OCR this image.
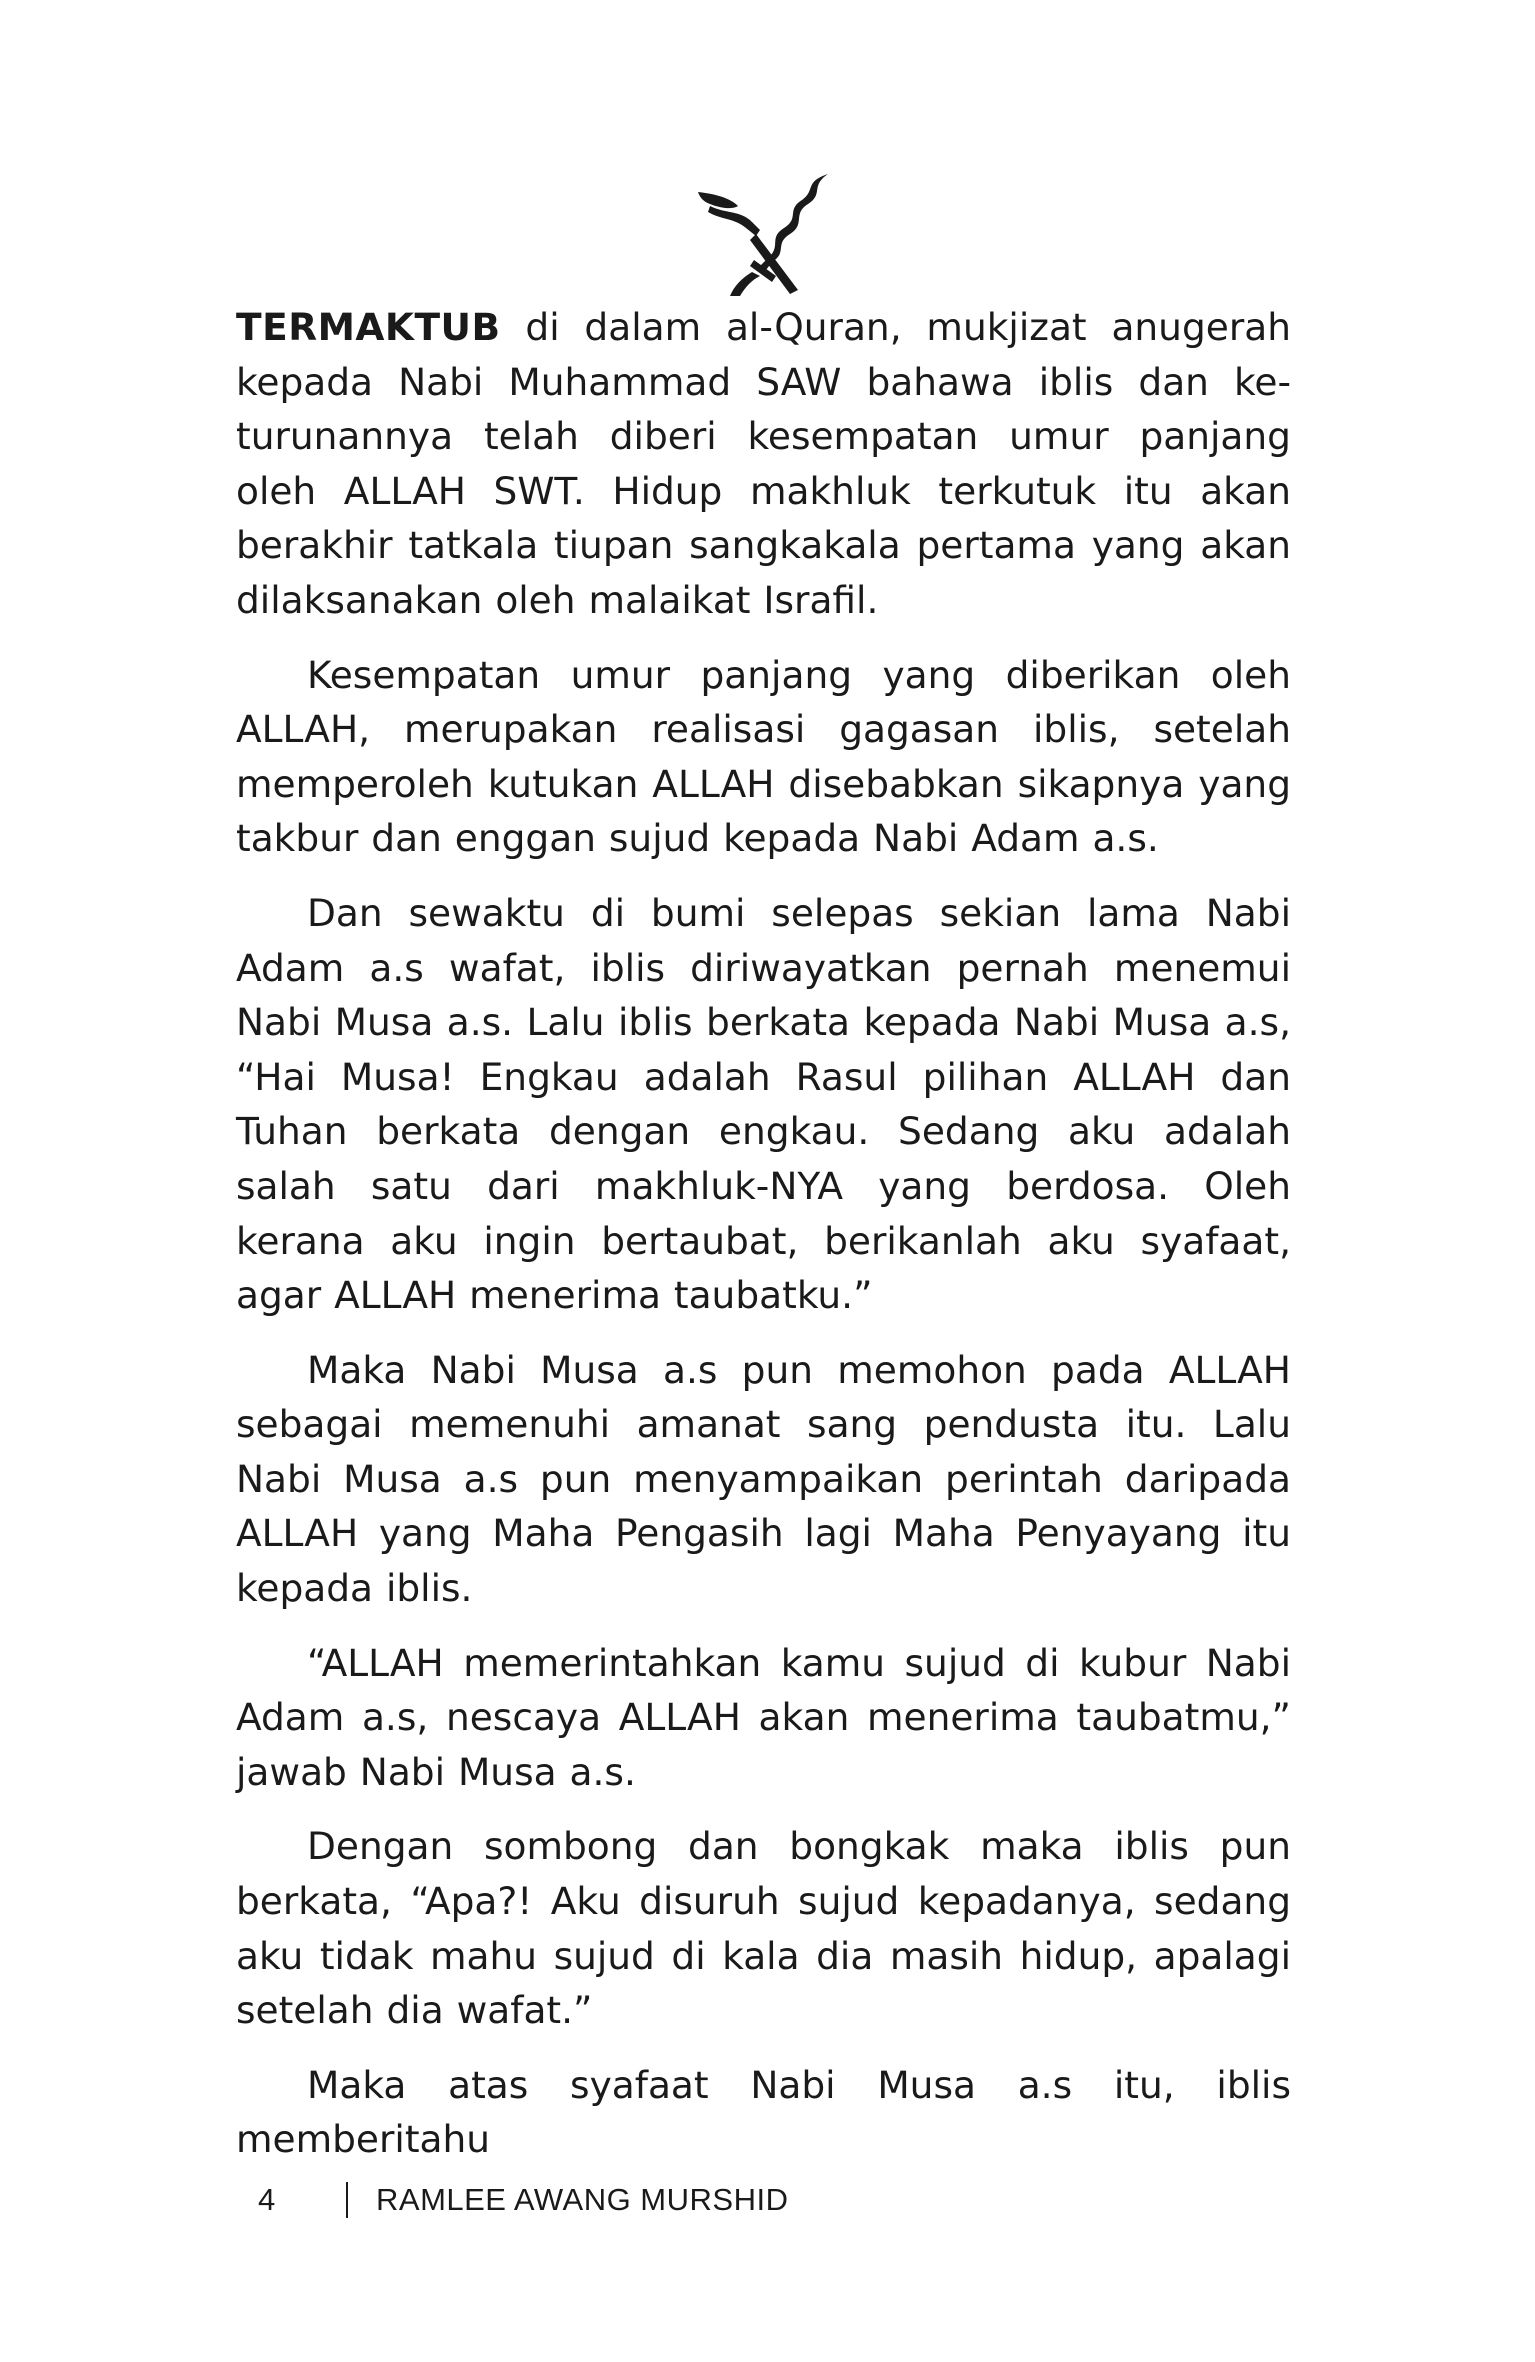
TERMAKTUB di dalam al-Quran, mukjizat anugerah kepada Nabi Muhammad SAW bahawa iblis dan ke-turunannya telah diberi kesempatan umur panjang oleh ALLAH SWT. Hidup makhluk terkutuk itu akan berakhir tatkala tiupan sangkakala pertama yang akan dilaksanakan oleh malaikat Israfil.

Kesempatan umur panjang yang diberikan oleh ALLAH, merupakan realisasi gagasan iblis, setelah memperoleh kutukan ALLAH disebabkan sikapnya yang takbur dan enggan sujud kepada Nabi Adam a.s.

Dan sewaktu di bumi selepas sekian lama Nabi Adam a.s wafat, iblis diriwayatkan pernah menemui Nabi Musa a.s. Lalu iblis berkata kepada Nabi Musa a.s, “Hai Musa! Engkau adalah Rasul pilihan ALLAH dan Tuhan berkata dengan engkau. Sedang aku adalah salah satu dari makhluk-NYA yang berdosa. Oleh kerana aku ingin bertaubat, berikanlah aku syafaat, agar ALLAH menerima taubatku.”

Maka Nabi Musa a.s pun memohon pada ALLAH sebagai memenuhi amanat sang pendusta itu. Lalu Nabi Musa a.s pun menyampaikan perintah daripada ALLAH yang Maha Pengasih lagi Maha Penyayang itu kepada iblis.

“ALLAH memerintahkan kamu sujud di kubur Nabi Adam a.s, nescaya ALLAH akan menerima taubatmu,” jawab Nabi Musa a.s.

Dengan sombong dan bongkak maka iblis pun berkata, “Apa?! Aku disuruh sujud kepadanya, sedang aku tidak mahu sujud di kala dia masih hidup, apalagi setelah dia wafat.”

Maka atas syafaat Nabi Musa a.s itu, iblis memberitahu

4	RAMLEE AWANG MURSHID
